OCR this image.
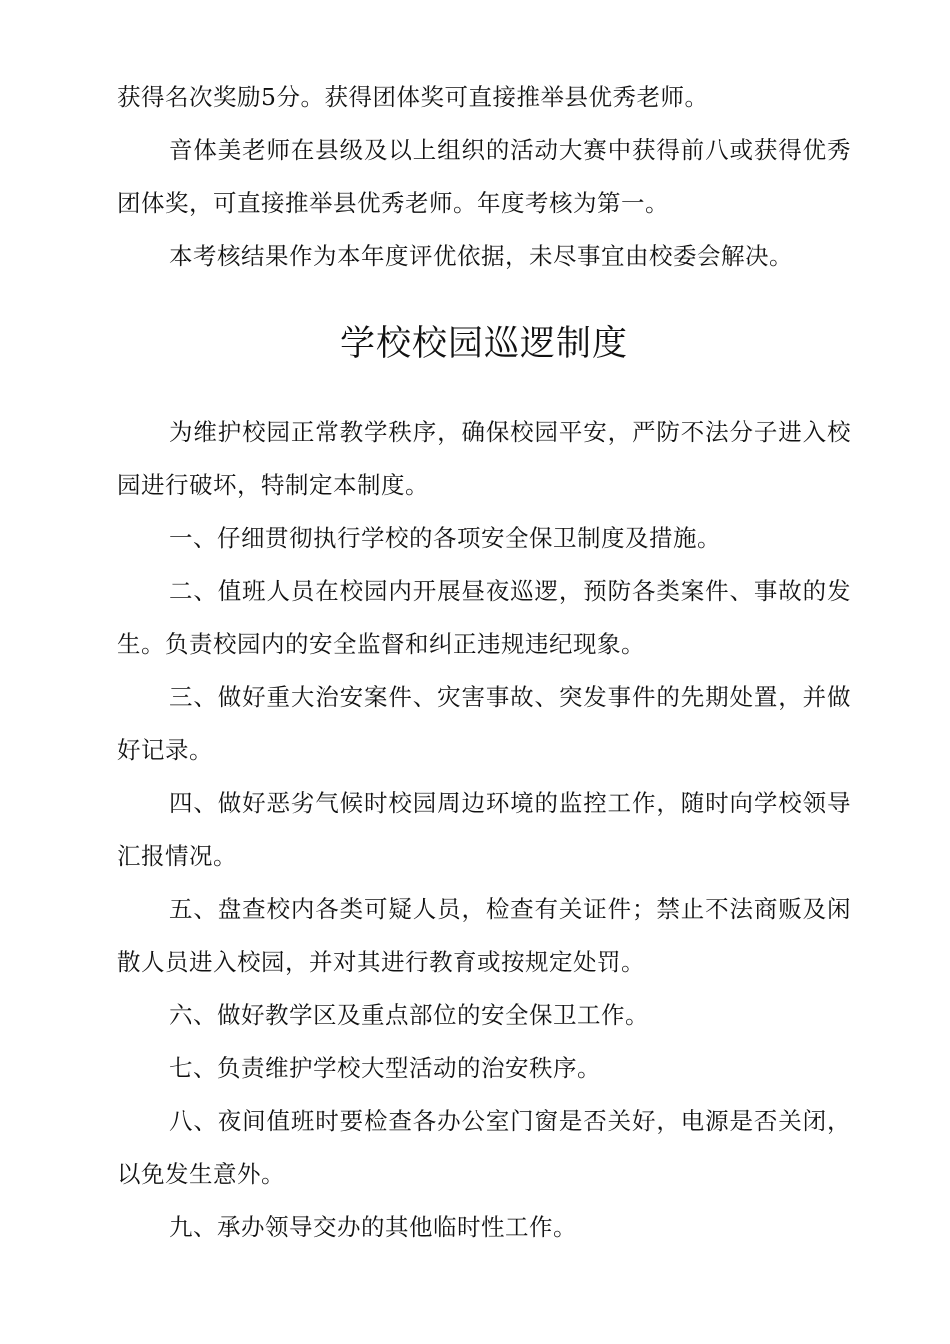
获得名次奖励5分。获得团体奖可直接推举县优秀老师。

音体美老师在县级及以上组织的活动大赛中获得前八或获得优秀团体奖，可直接推举县优秀老师。年度考核为第一。

本考核结果作为本年度评优依据，未尽事宜由校委会解决。

学校校园巡逻制度

为维护校园正常教学秩序，确保校园平安，严防不法分子进入校园进行破坏，特制定本制度。

一、仔细贯彻执行学校的各项安全保卫制度及措施。

二、值班人员在校园内开展昼夜巡逻，预防各类案件、事故的发生。负责校园内的安全监督和纠正违规违纪现象。

三、做好重大治安案件、灾害事故、突发事件的先期处置，并做好记录。

四、做好恶劣气候时校园周边环境的监控工作，随时向学校领导汇报情况。

五、盘查校内各类可疑人员，检查有关证件；禁止不法商贩及闲散人员进入校园，并对其进行教育或按规定处罚。

六、做好教学区及重点部位的安全保卫工作。

七、负责维护学校大型活动的治安秩序。

八、夜间值班时要检查各办公室门窗是否关好，电源是否关闭，以免发生意外。

九、承办领导交办的其他临时性工作。
